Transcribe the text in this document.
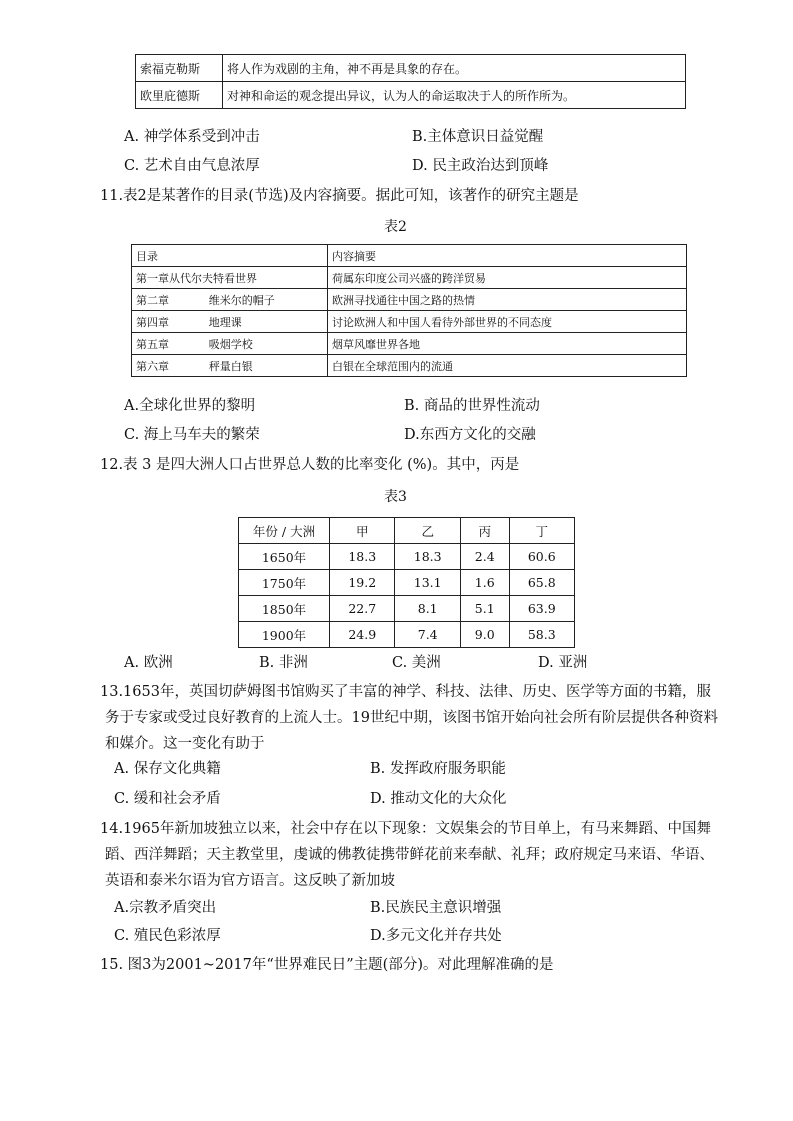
索福克勒斯	将人作为戏剧的主角，神不再是具象的存在。
欧里庇德斯	对神和命运的观念提出异议，认为人的命运取决于人的所作所为。
A. 神学体系受到冲击	B.主体意识日益觉醒
C. 艺术自由气息浓厚	D. 民主政治达到顶峰
11.表2是某著作的目录(节选)及内容摘要。据此可知，该著作的研究主题是
表2
目录	内容摘要
第一章从代尔夫特看世界	荷属东印度公司兴盛的跨洋贸易
第二章      维米尔的帽子	欧洲寻找通往中国之路的热情
第四章      地理课	讨论欧洲人和中国人看待外部世界的不同态度
第五章      吸烟学校	烟草风靡世界各地
第六章      秤量白银	白银在全球范围内的流通
A.全球化世界的黎明	B. 商品的世界性流动
C. 海上马车夫的繁荣	D.东西方文化的交融
12.表 3 是四大洲人口占世界总人数的比率变化 (%)。其中，丙是
表3
年份 / 大洲	甲	乙	丙	丁
1650年	18.3	18.3	2.4	60.6
1750年	19.2	13.1	1.6	65.8
1850年	22.7	8.1	5.1	63.9
1900年	24.9	7.4	9.0	58.3
A. 欧洲	B. 非洲	C. 美洲	D. 亚洲
13.1653年，英国切萨姆图书馆购买了丰富的神学、科技、法律、历史、医学等方面的书籍，服
务于专家或受过良好教育的上流人士。19世纪中期，该图书馆开始向社会所有阶层提供各种资料
和媒介。这一变化有助于
A. 保存文化典籍	B. 发挥政府服务职能
C. 缓和社会矛盾	D. 推动文化的大众化
14.1965年新加坡独立以来，社会中存在以下现象：文娱集会的节目单上，有马来舞蹈、中国舞
蹈、西洋舞蹈；天主教堂里，虔诚的佛教徒携带鲜花前来奉献、礼拜；政府规定马来语、华语、
英语和泰米尔语为官方语言。这反映了新加坡
A.宗教矛盾突出	B.民族民主意识增强
C. 殖民色彩浓厚	D.多元文化并存共处
15. 图3为2001~2017年“世界难民日”主题(部分)。对此理解准确的是
